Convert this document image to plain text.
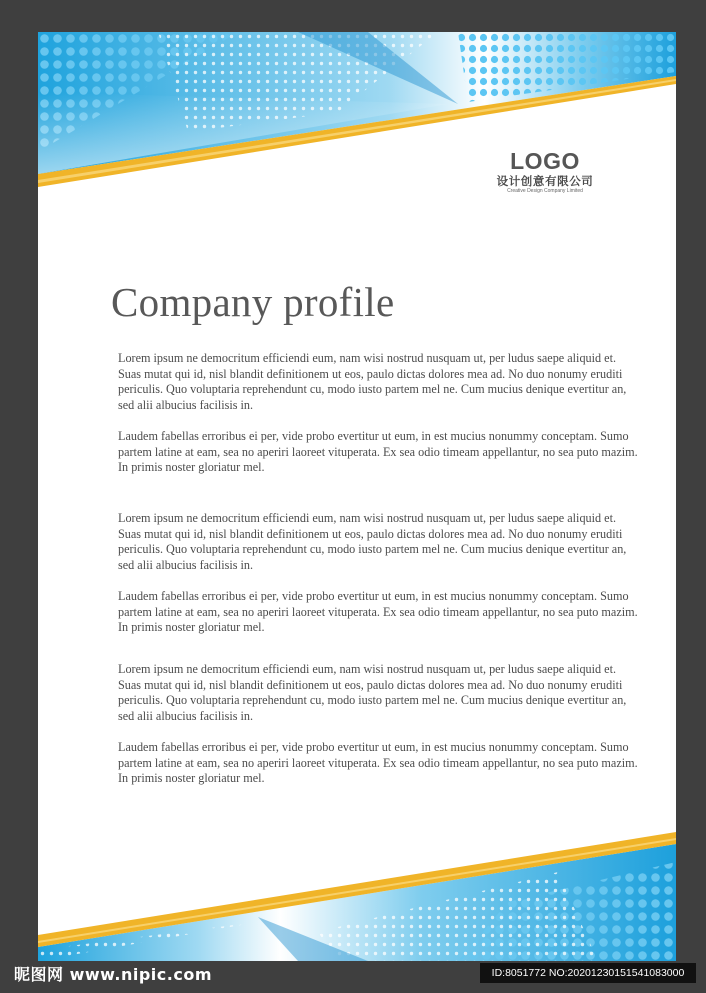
LOGO
设计创意有限公司
Creative Design Company Limited
Company profile

Lorem ipsum ne democritum efficiendi eum, nam wisi nostrud nusquam ut, per ludus saepe aliquid et. Suas mutat qui id, nisl blandit definitionem ut eos, paulo dictas dolores mea ad. No duo nonumy eruditi periculis. Quo voluptaria reprehendunt cu, modo iusto partem mel ne. Cum mucius denique evertitur an, sed alii albucius facilisis in.

Laudem fabellas erroribus ei per, vide probo evertitur ut eum, in est mucius nonummy conceptam. Sumo partem latine at eam, sea no aperiri laoreet vituperata. Ex sea odio timeam appellantur, no sea puto mazim. In primis noster gloriatur mel.

Lorem ipsum ne democritum efficiendi eum, nam wisi nostrud nusquam ut, per ludus saepe aliquid et. Suas mutat qui id, nisl blandit definitionem ut eos, paulo dictas dolores mea ad. No duo nonumy eruditi periculis. Quo voluptaria reprehendunt cu, modo iusto partem mel ne. Cum mucius denique evertitur an, sed alii albucius facilisis in.

Laudem fabellas erroribus ei per, vide probo evertitur ut eum, in est mucius nonummy conceptam. Sumo partem latine at eam, sea no aperiri laoreet vituperata. Ex sea odio timeam appellantur, no sea puto mazim. In primis noster gloriatur mel.

Lorem ipsum ne democritum efficiendi eum, nam wisi nostrud nusquam ut, per ludus saepe aliquid et. Suas mutat qui id, nisl blandit definitionem ut eos, paulo dictas dolores mea ad. No duo nonumy eruditi periculis. Quo voluptaria reprehendunt cu, modo iusto partem mel ne. Cum mucius denique evertitur an, sed alii albucius facilisis in.

Laudem fabellas erroribus ei per, vide probo evertitur ut eum, in est mucius nonummy conceptam. Sumo partem latine at eam, sea no aperiri laoreet vituperata. Ex sea odio timeam appellantur, no sea puto mazim. In primis noster gloriatur mel.

昵图网 www.nipic.com	ID:8051772 NO:20201230151541083000
